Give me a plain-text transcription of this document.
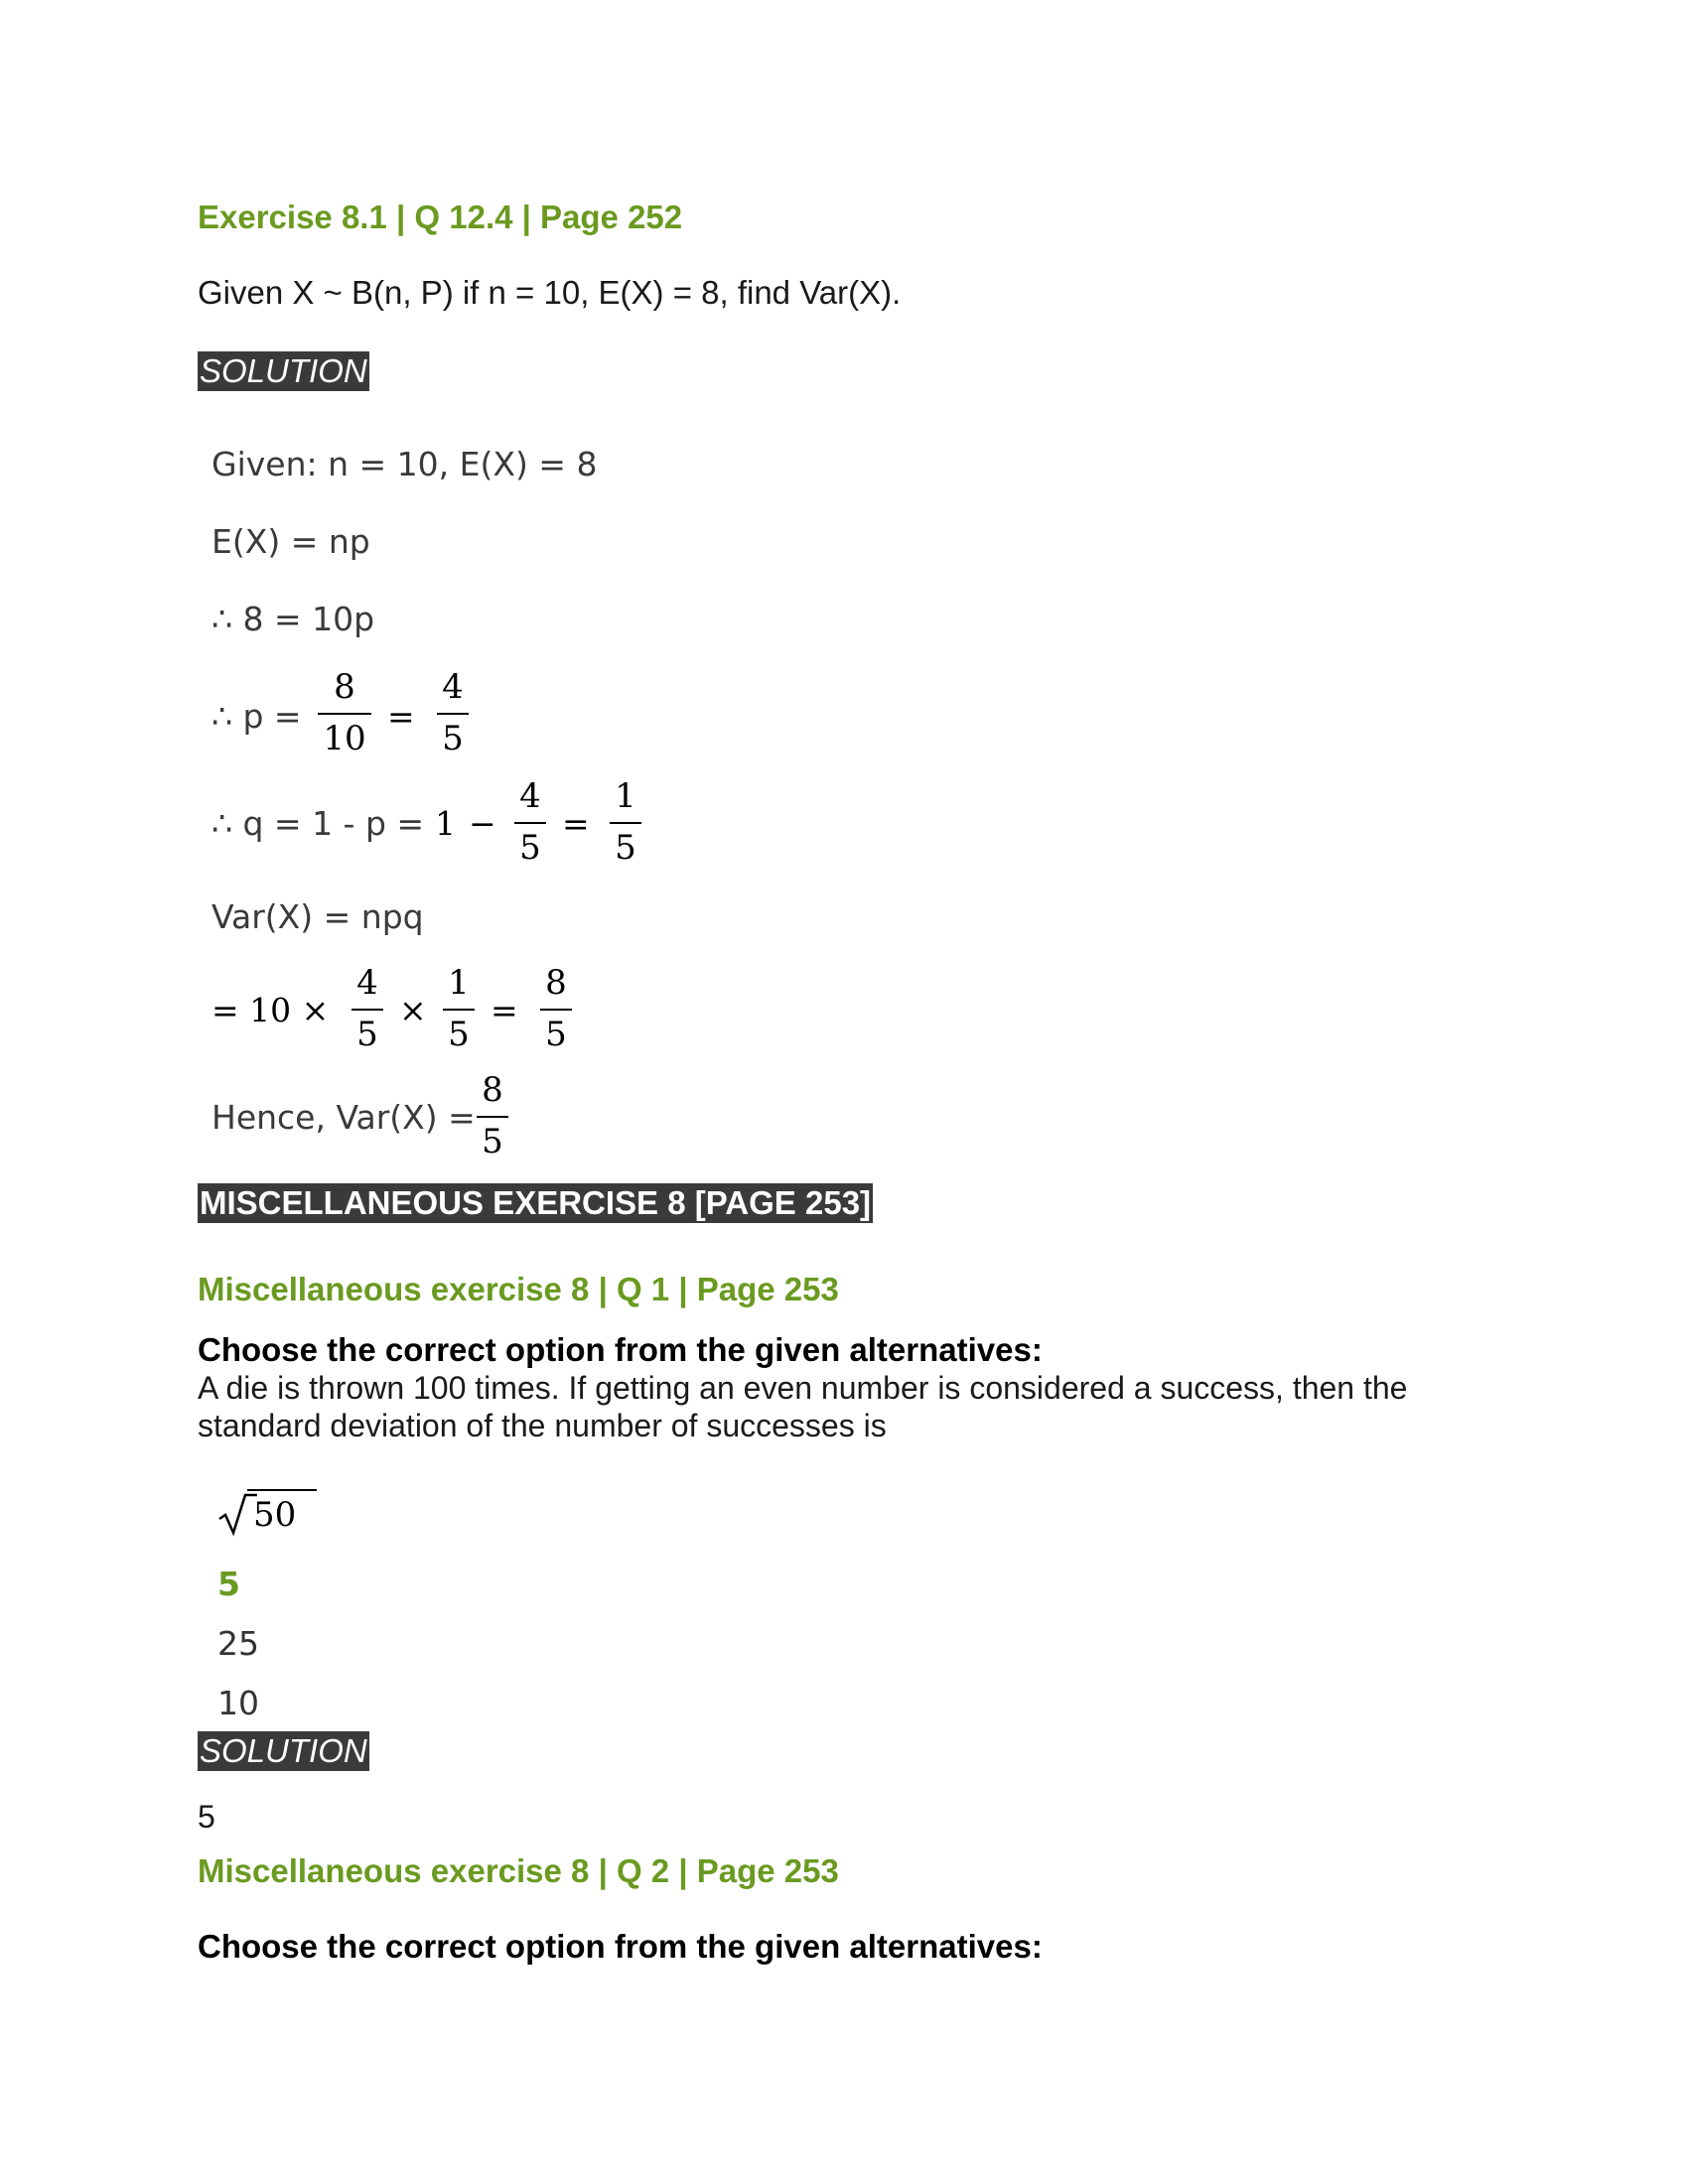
Exercise 8.1 | Q 12.4 | Page 252
Given X ~ B(n, P) if n = 10, E(X) = 8, find Var(X).
SOLUTION
Given: n = 10, E(X) = 8
E(X) = np
∴ 8 = 10p
∴ p =
8
10
=
4
5
∴ q = 1 - p = 1 −
4
5
=
1
5
Var(X) = npq
= 10 ×
4
5
×
1
5
=
8
5
Hence, Var(X) =
8
5
MISCELLANEOUS EXERCISE 8 [PAGE 253]
Miscellaneous exercise 8 | Q 1 | Page 253
Choose the correct option from the given alternatives:
A die is thrown 100 times. If getting an even number is considered a success, then the
standard deviation of the number of successes is
50
5
25
10
SOLUTION
5
Miscellaneous exercise 8 | Q 2 | Page 253
Choose the correct option from the given alternatives:
